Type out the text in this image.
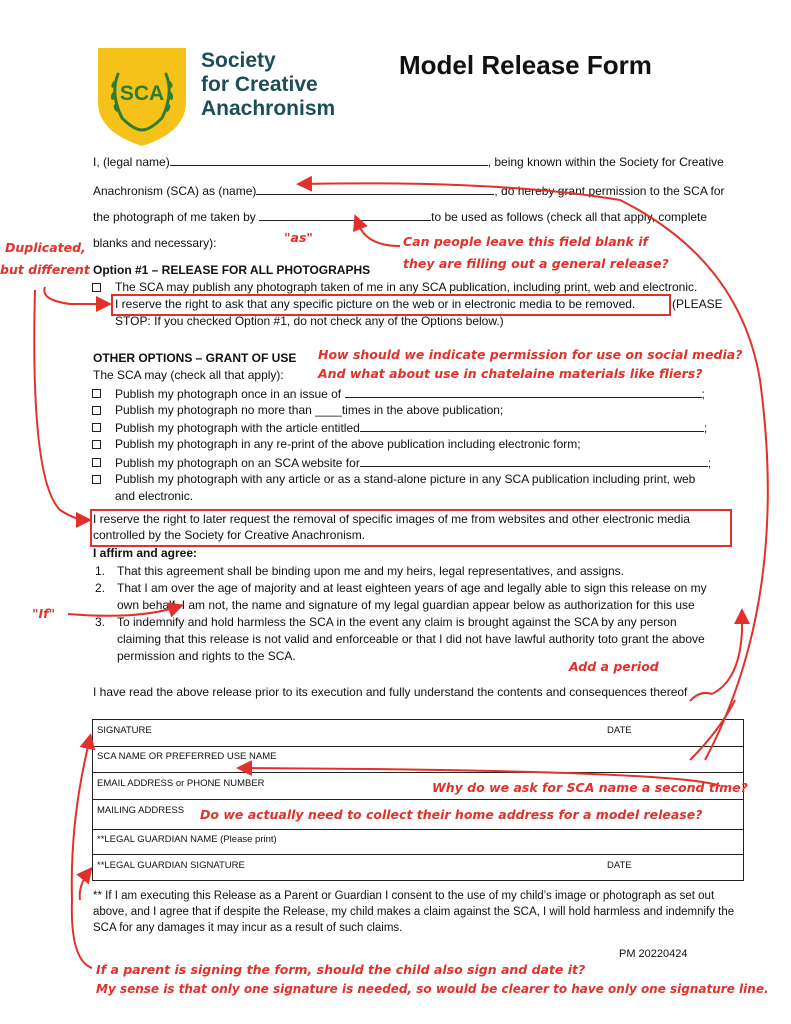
SCA
Society
for Creative
Anachronism
Model Release Form
I, (legal name)	, being known within the Society for Creative
Anachronism (SCA) as (name)	, do hereby grant permission to the SCA for
the photograph of me taken by	to be used as follows (check all that apply, complete
blanks and necessary):
Option #1 – RELEASE FOR ALL PHOTOGRAPHS
The SCA may publish any photograph taken of me in any SCA publication, including print, web and electronic.
I reserve the right to ask that any specific picture on the web or in electronic media to be removed.	(PLEASE
STOP: If you checked Option #1, do not check any of the Options below.)
OTHER OPTIONS – GRANT OF USE
The SCA may (check all that apply):
Publish my photograph once in an issue of	;
Publish my photograph no more than ____times in the above publication;
Publish my photograph with the article entitled	;
Publish my photograph in any re-print of the above publication including electronic form;
Publish my photograph on an SCA website for	;
Publish my photograph with any article or as a stand-alone picture in any SCA publication including print, web
and electronic.
I reserve the right to later request the removal of specific images of me from websites and other electronic media
controlled by the Society for Creative Anachronism.
I affirm and agree:
1. That this agreement shall be binding upon me and my heirs, legal representatives, and assigns.
2. That I am over the age of majority and at least eighteen years of age and legally able to sign this release on my
own behalf. I am not, the name and signature of my legal guardian appear below as authorization for this use
3. To indemnify and hold harmless the SCA in the event any claim is brought against the SCA by any person
claiming that this release is not valid and enforceable or that I did not have lawful authority toto grant the above
permission and rights to the SCA.
I have read the above release prior to its execution and fully understand the contents and consequences thereof
SIGNATURE	DATE
SCA NAME OR PREFERRED USE NAME
EMAIL ADDRESS or PHONE NUMBER
MAILING ADDRESS
**LEGAL GUARDIAN NAME (Please print)
**LEGAL GUARDIAN SIGNATURE	DATE
** If I am executing this Release as a Parent or Guardian I consent to the use of my child’s image or photograph as set out
above, and I agree that if despite the Release, my child makes a claim against the SCA, I will hold harmless and indemnify the
SCA for any damages it may incur as a result of such claims.
PM 20220424
Duplicated,
but different
"as"	Can people leave this field blank if
they are filling out a general release?
How should we indicate permission for use on social media?
And what about use in chatelaine materials like fliers?
"If"
Add a period
Why do we ask for SCA name a second time?
Do we actually need to collect their home address for a model release?
If a parent is signing the form, should the child also sign and date it?
My sense is that only one signature is needed, so would be clearer to have only one signature line.
